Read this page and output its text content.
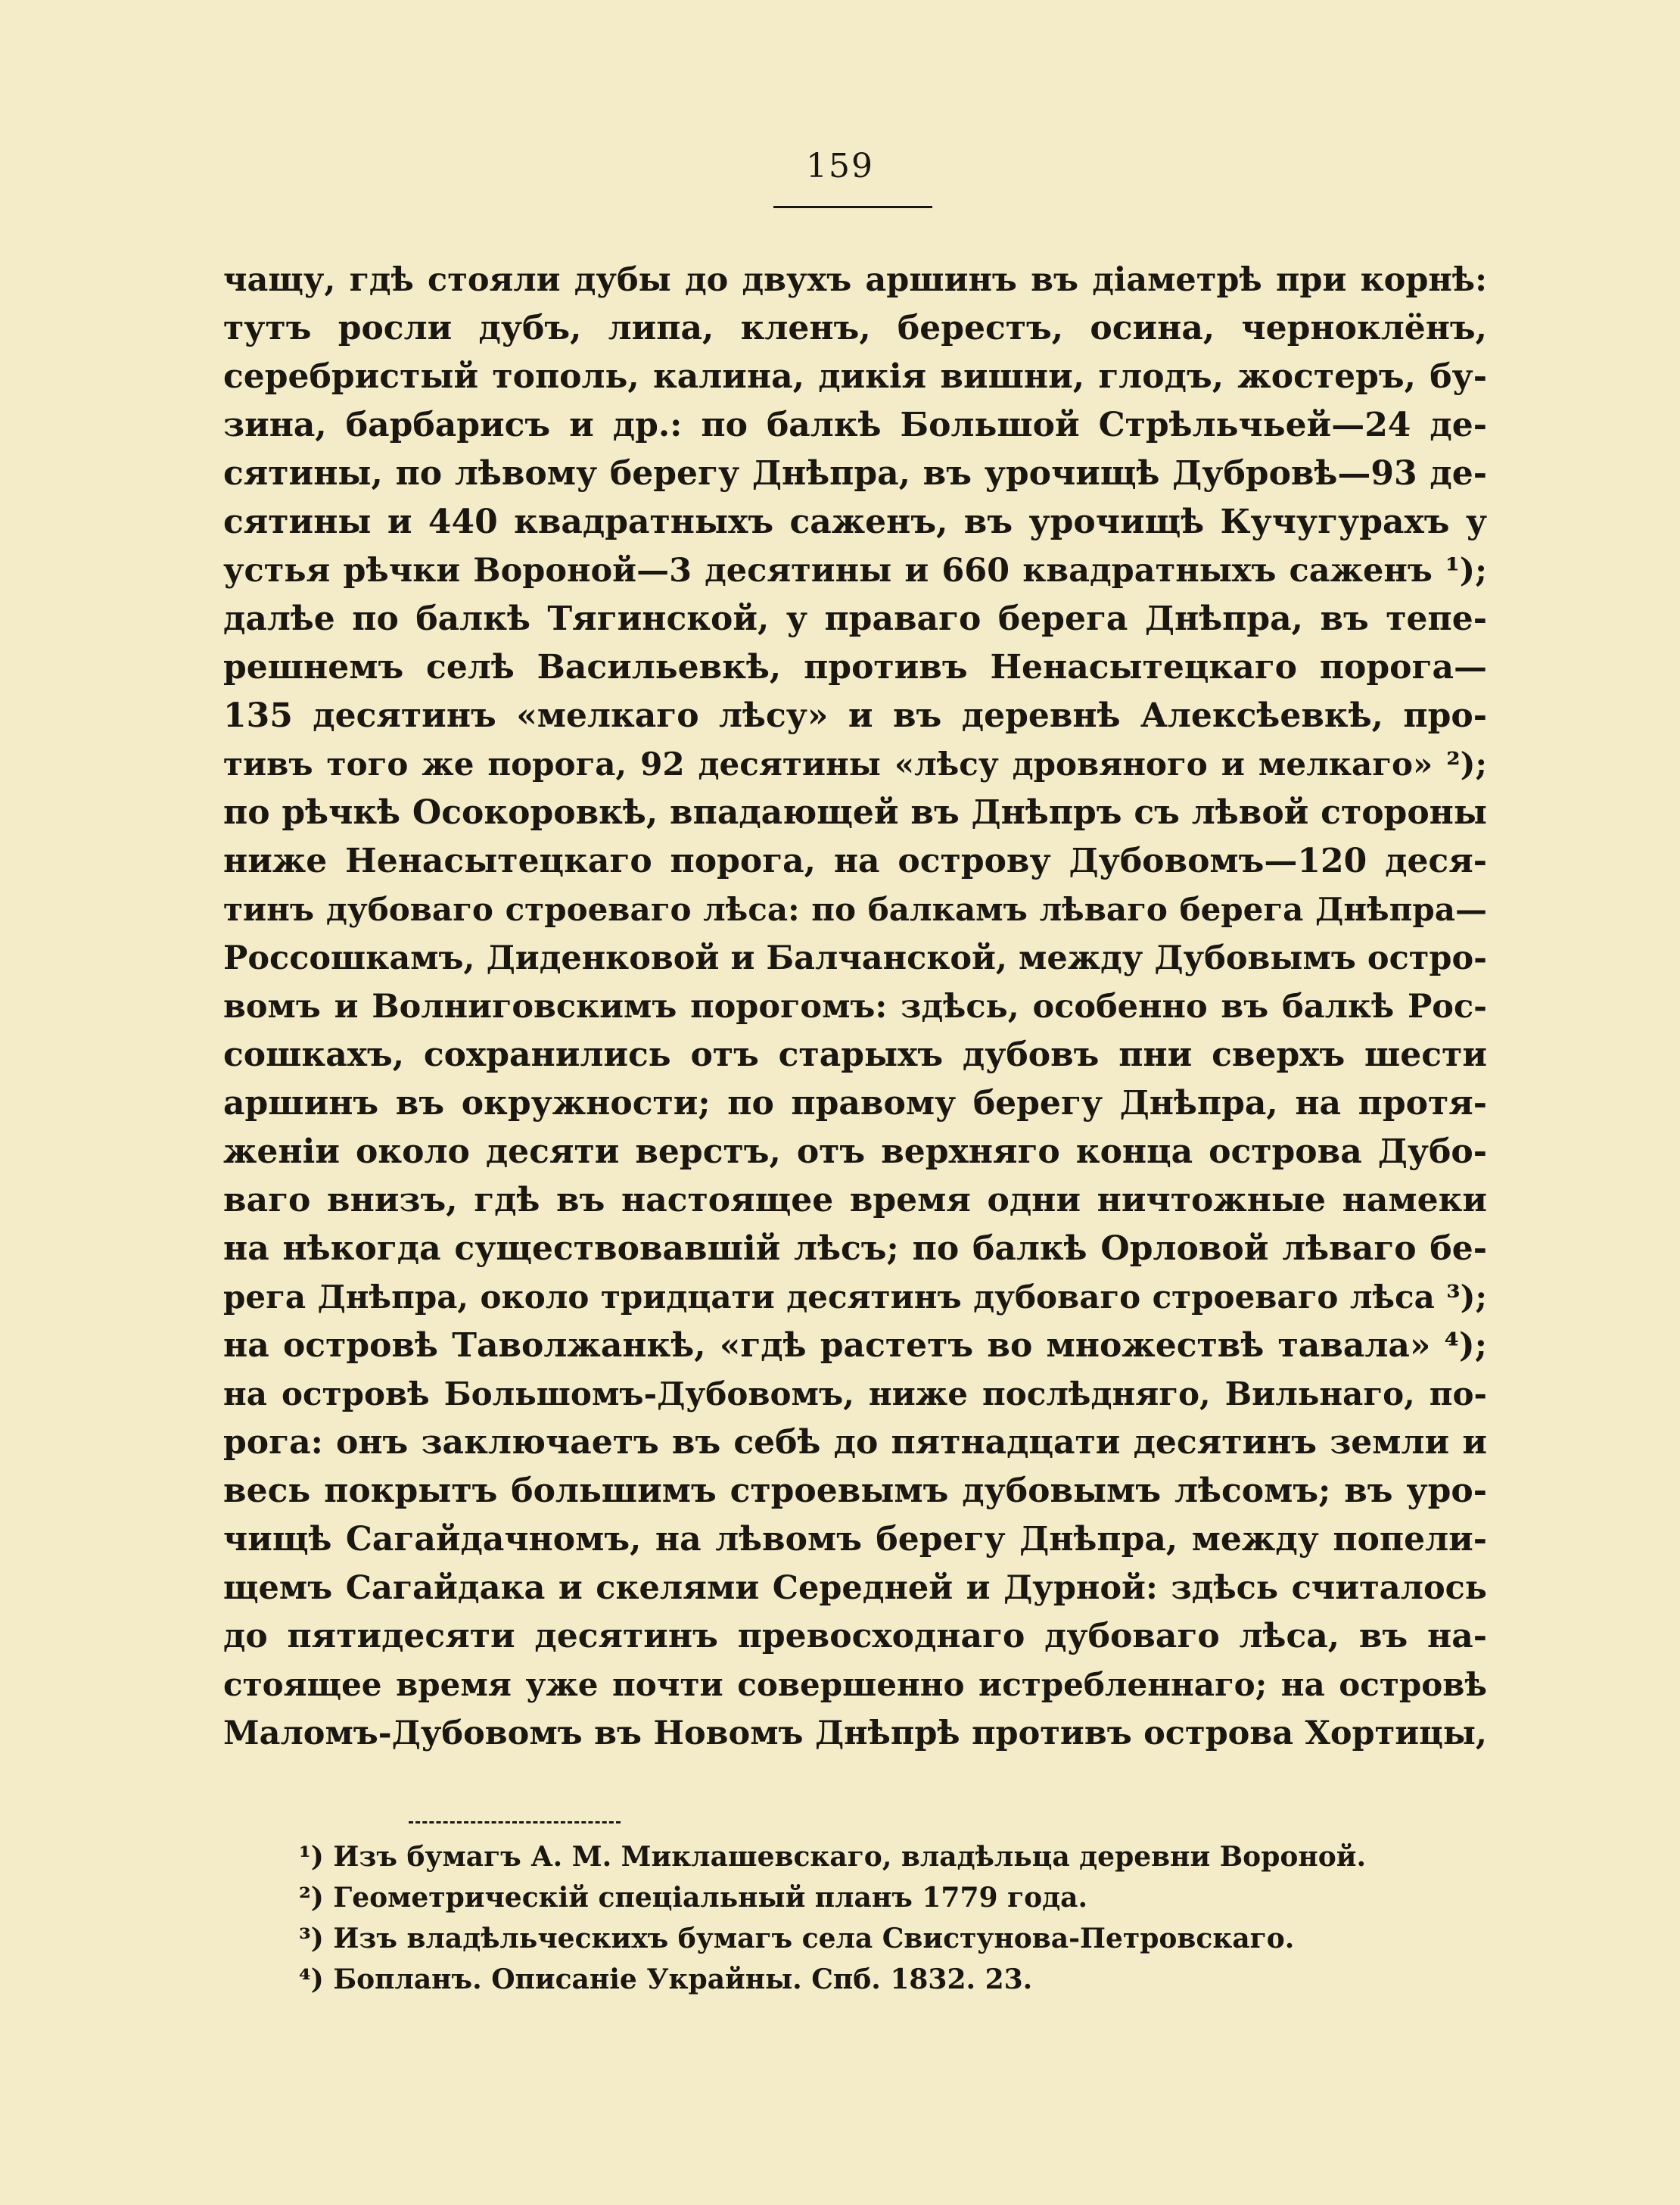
159
чащу, гдѣ стояли дубы до двухъ аршинъ въ діаметрѣ при корнѣ:
тутъ росли дубъ, липа, кленъ, берестъ, осина, черноклёнъ,
серебристый тополь, калина, дикія вишни, глодъ, жостеръ, бу-
зина, барбарисъ и др.: по балкѣ Большой Стрѣльчьей—24 де-
сятины, по лѣвому берегу Днѣпра, въ урочищѣ Дубровѣ—93 де-
сятины и 440 квадратныхъ саженъ, въ урочищѣ Кучугурахъ у
устья рѣчки Вороной—3 десятины и 660 квадратныхъ саженъ ¹);
далѣе по балкѣ Тягинской, у праваго берега Днѣпра, въ тепе-
решнемъ селѣ Васильевкѣ, противъ Ненасытецкаго порога—
135 десятинъ «мелкаго лѣсу» и въ деревнѣ Алексѣевкѣ, про-
тивъ того же порога, 92 десятины «лѣсу дровяного и мелкаго» ²);
по рѣчкѣ Осокоровкѣ, впадающей въ Днѣпръ съ лѣвой стороны
ниже Ненасытецкаго порога, на острову Дубовомъ—120 деся-
тинъ дубоваго строеваго лѣса: по балкамъ лѣваго берега Днѣпра—
Россошкамъ, Диденковой и Балчанской, между Дубовымъ остро-
вомъ и Волниговскимъ порогомъ: здѣсь, особенно въ балкѣ Рос-
сошкахъ, сохранились отъ старыхъ дубовъ пни сверхъ шести
аршинъ въ окружности; по правому берегу Днѣпра, на протя-
женіи около десяти верстъ, отъ верхняго конца острова Дубо-
ваго внизъ, гдѣ въ настоящее время одни ничтожные намеки
на нѣкогда существовавшій лѣсъ; по балкѣ Орловой лѣваго бе-
рега Днѣпра, около тридцати десятинъ дубоваго строеваго лѣса ³);
на островѣ Таволжанкѣ, «гдѣ растетъ во множествѣ тавала» ⁴);
на островѣ Большомъ-Дубовомъ, ниже послѣдняго, Вильнаго, по-
рога: онъ заключаетъ въ себѣ до пятнадцати десятинъ земли и
весь покрытъ большимъ строевымъ дубовымъ лѣсомъ; въ уро-
чищѣ Сагайдачномъ, на лѣвомъ берегу Днѣпра, между попели-
щемъ Сагайдака и скелями Середней и Дурной: здѣсь считалось
до пятидесяти десятинъ превосходнаго дубоваго лѣса, въ на-
стоящее время уже почти совершенно истребленнаго; на островѣ
Маломъ-Дубовомъ въ Новомъ Днѣпрѣ противъ острова Хортицы,
¹) Изъ бумагъ А. М. Миклашевскаго, владѣльца деревни Вороной.
²) Геометрическій спеціальный планъ 1779 года.
³) Изъ владѣльческихъ бумагъ села Свистунова-Петровскаго.
⁴) Бопланъ. Описаніе Украйны. Спб. 1832. 23.
